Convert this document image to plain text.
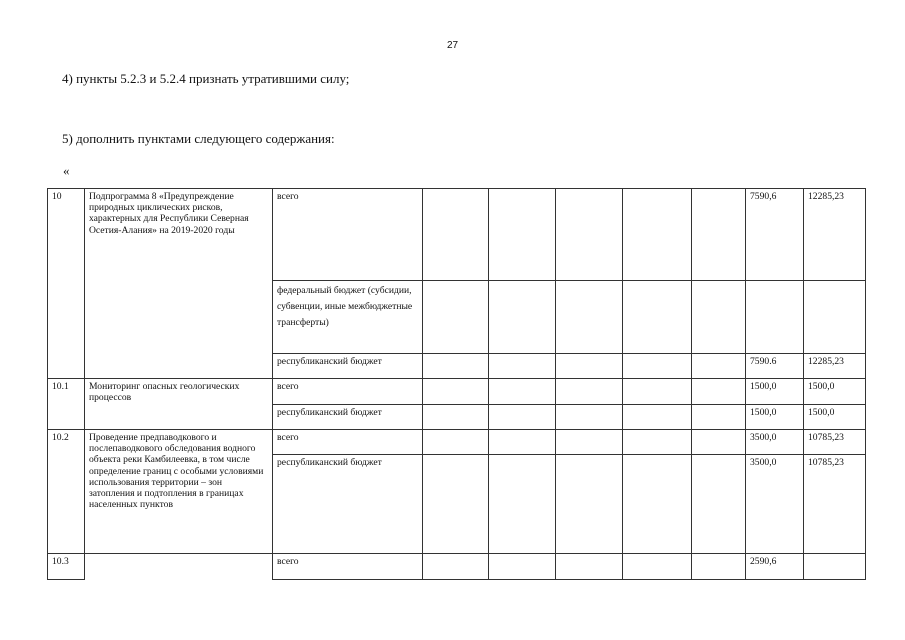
27
4) пункты 5.2.3 и 5.2.4 признать утратившими силу;
5) дополнить пунктами следующего содержания:
«
10	Подпрограмма 8 «Предупреждение природных циклических рисков, характерных для Республики Северная Осетия-Алания» на 2019-2020 годы	всего						7590,6	12285,23
		федеральный бюджет (субсидии, субвенции, иные межбюджетные трансферты)							
		республиканский бюджет						7590.6	12285,23
10.1	Мониторинг опасных геологических процессов	всего						1500,0	1500,0
		республиканский бюджет						1500,0	1500,0
10.2	Проведение предпаводкового и послепаводкового обследования водного объекта реки Камбилеевка, в том числе определение границ с особыми условиями использования территории – зон затопления и подтопления в границах населенных пунктов	всего						3500,0	10785,23
		республиканский бюджет						3500,0	10785,23
10.3		всего						2590,6	
